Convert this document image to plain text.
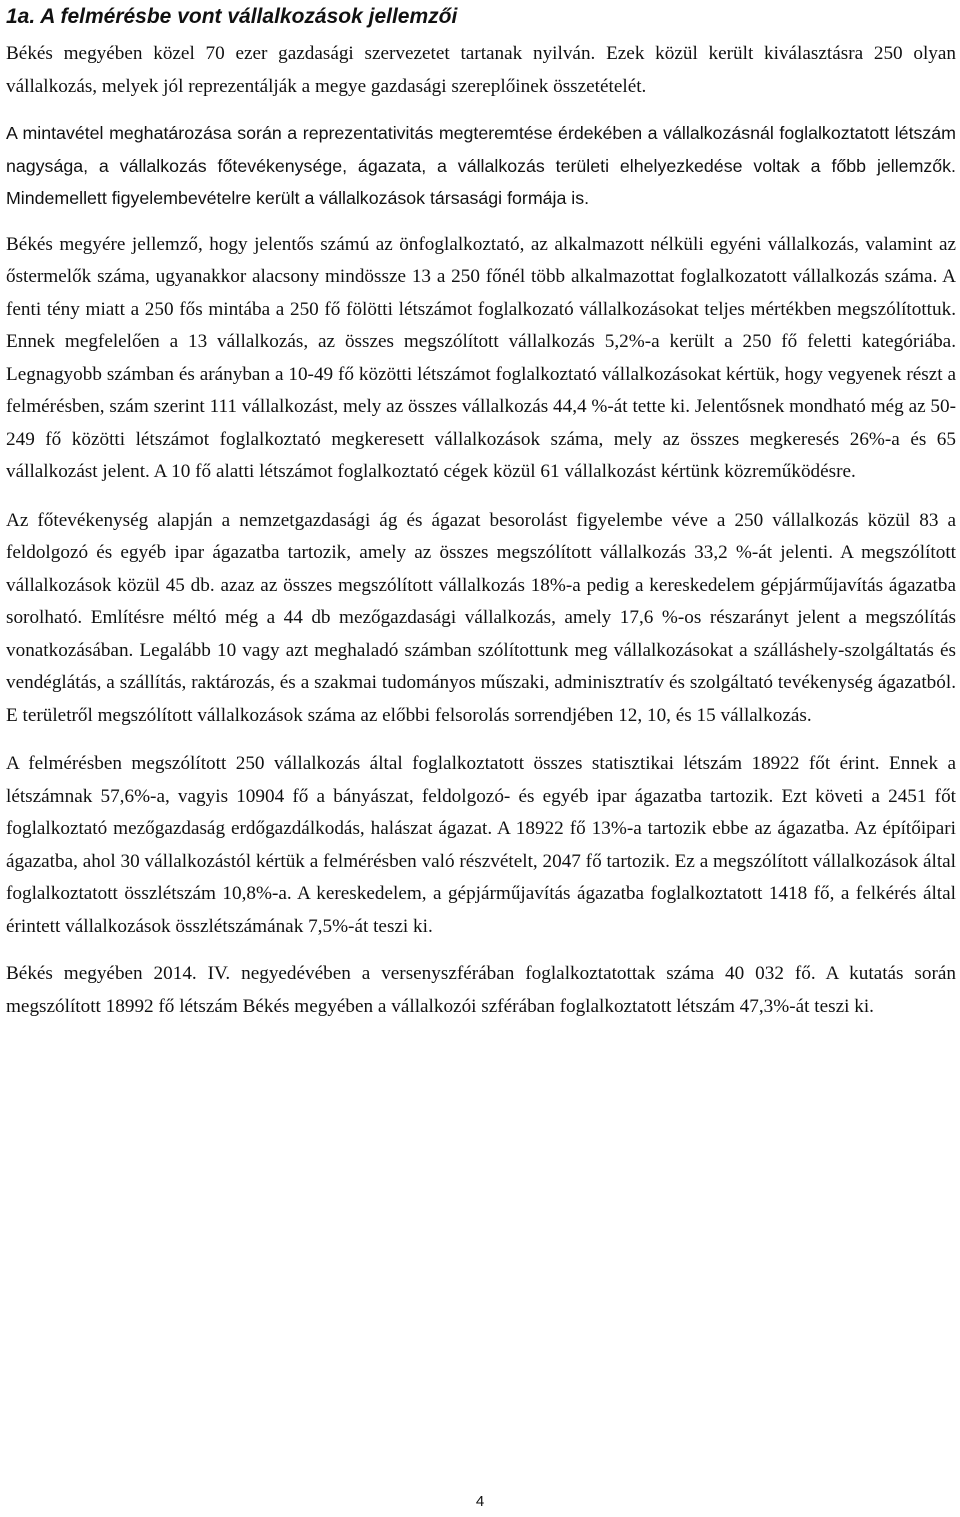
1a. A felmérésbe vont vállalkozások jellemzői

Békés megyében közel 70 ezer gazdasági szervezetet tartanak nyilván. Ezek közül került kiválasztásra 250 olyan vállalkozás, melyek jól reprezentálják a megye gazdasági szereplőinek összetételét.

A mintavétel meghatározása során a reprezentativitás megteremtése érdekében a vállalkozásnál foglalkoztatott létszám nagysága, a vállalkozás főtevékenysége, ágazata, a vállalkozás területi elhelyezkedése voltak a főbb jellemzők. Mindemellett figyelembevételre került a vállalkozások társasági formája is.

Békés megyére jellemző, hogy jelentős számú az önfoglalkoztató, az alkalmazott nélküli egyéni vállalkozás, valamint az őstermelők száma, ugyanakkor alacsony mindössze 13 a 250 főnél több alkalmazottat foglalkozatott vállalkozás száma. A fenti tény miatt a 250 fős mintába a 250 fő fölötti létszámot foglalkozató vállalkozásokat teljes mértékben megszólítottuk. Ennek megfelelően a 13 vállalkozás, az összes megszólított vállalkozás 5,2%-a került a 250 fő feletti kategóriába. Legnagyobb számban és arányban a 10-49 fő közötti létszámot foglalkoztató vállalkozásokat kértük, hogy vegyenek részt a felmérésben, szám szerint 111 vállalkozást, mely az összes vállalkozás 44,4 %-át tette ki. Jelentősnek mondható még az 50-249 fő közötti létszámot foglalkoztató megkeresett vállalkozások száma, mely az összes megkeresés 26%-a és 65 vállalkozást jelent. A 10 fő alatti létszámot foglalkoztató cégek közül 61 vállalkozást kértünk közreműködésre.

Az főtevékenység alapján a nemzetgazdasági ág és ágazat besorolást figyelembe véve a 250 vállalkozás közül 83 a feldolgozó és egyéb ipar ágazatba tartozik, amely az összes megszólított vállalkozás 33,2 %-át jelenti. A megszólított vállalkozások közül 45 db. azaz az összes megszólított vállalkozás 18%-a pedig a kereskedelem gépjárműjavítás ágazatba sorolható. Említésre méltó még a 44 db mezőgazdasági vállalkozás, amely 17,6 %-os részarányt jelent a megszólítás vonatkozásában. Legalább 10 vagy azt meghaladó számban szólítottunk meg vállalkozásokat a szálláshely-szolgáltatás és vendéglátás, a szállítás, raktározás, és a szakmai tudományos műszaki, adminisztratív és szolgáltató tevékenység ágazatból. E területről megszólított vállalkozások száma az előbbi felsorolás sorrendjében 12, 10, és 15 vállalkozás.

A felmérésben megszólított 250 vállalkozás által foglalkoztatott összes statisztikai létszám 18922 főt érint. Ennek a létszámnak 57,6%-a, vagyis 10904 fő a bányászat, feldolgozó- és egyéb ipar ágazatba tartozik. Ezt követi a 2451 főt foglalkoztató mezőgazdaság erdőgazdálkodás, halászat ágazat. A 18922 fő 13%-a tartozik ebbe az ágazatba. Az építőipari ágazatba, ahol 30 vállalkozástól kértük a felmérésben való részvételt, 2047 fő tartozik. Ez a megszólított vállalkozások által foglalkoztatott összlétszám 10,8%-a. A kereskedelem, a gépjárműjavítás ágazatba foglalkoztatott 1418 fő, a felkérés által érintett vállalkozások összlétszámának 7,5%-át teszi ki.

Békés megyében 2014. IV. negyedévében a versenyszférában foglalkoztatottak száma 40 032 fő. A kutatás során megszólított 18992 fő létszám Békés megyében a vállalkozói szférában foglalkoztatott létszám 47,3%-át teszi ki.

4
